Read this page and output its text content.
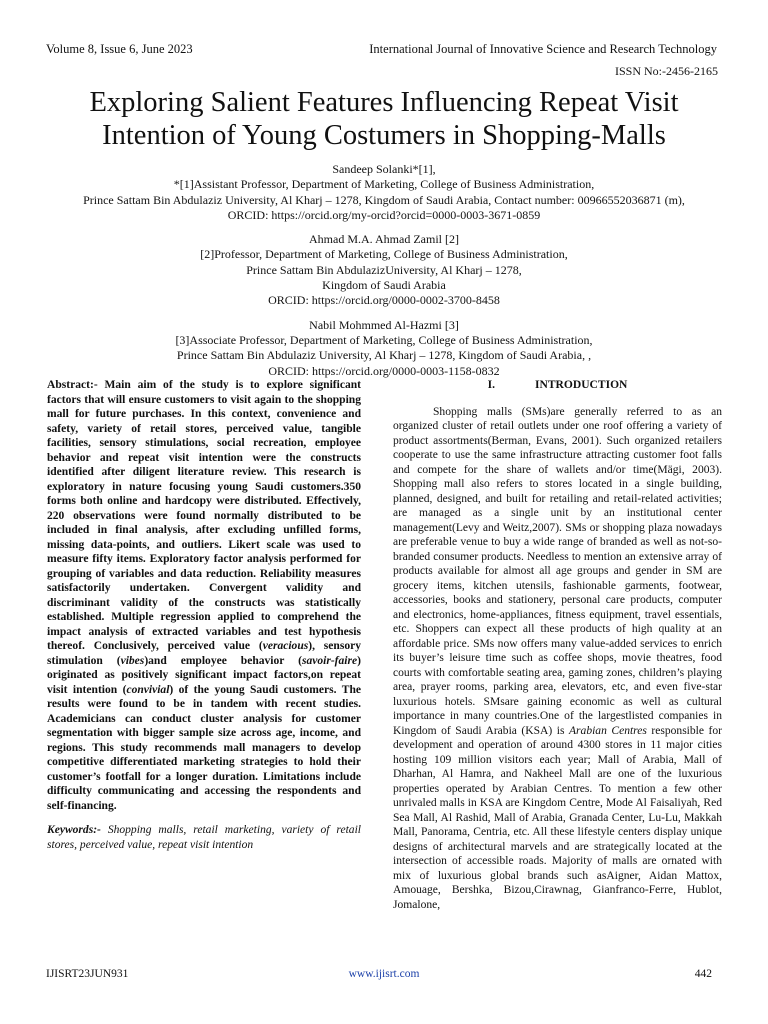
Volume 8, Issue 6, June 2023	International Journal of Innovative Science and Research Technology
ISSN No:-2456-2165
Exploring Salient Features Influencing Repeat Visit
Intention of Young Costumers in Shopping-Malls
Sandeep Solanki*[1],
*[1]Assistant Professor, Department of Marketing, College of Business Administration,
Prince Sattam Bin Abdulaziz University, Al Kharj – 1278, Kingdom of Saudi Arabia, Contact number: 00966552036871 (m),
ORCID: https://orcid.org/my-orcid?orcid=0000-0003-3671-0859
Ahmad M.A. Ahmad Zamil [2]
[2]Professor, Department of Marketing, College of Business Administration,
Prince Sattam Bin AbdulazizUniversity, Al Kharj – 1278,
Kingdom of Saudi Arabia
ORCID: https://orcid.org/0000-0002-3700-8458
Nabil Mohmmed Al-Hazmi [3]
[3]Associate Professor, Department of Marketing, College of Business Administration,
Prince Sattam Bin Abdulaziz University, Al Kharj – 1278, Kingdom of Saudi Arabia, ,
ORCID: https://orcid.org/0000-0003-1158-0832
Abstract:- Main aim of the study is to explore significant factors that will ensure customers to visit again to the shopping mall for future purchases. In this context, convenience and safety, variety of retail stores, perceived value, tangible facilities, sensory stimulations, social recreation, employee behavior and repeat visit intention were the constructs identified after diligent literature review. This research is exploratory in nature focusing young Saudi customers.350 forms both online and hardcopy were distributed. Effectively, 220 observations were found normally distributed to be included in final analysis, after excluding unfilled forms, missing data-points, and outliers. Likert scale was used to measure fifty items. Exploratory factor analysis performed for grouping of variables and data reduction. Reliability measures satisfactorily undertaken. Convergent validity and discriminant validity of the constructs was statistically established. Multiple regression applied to comprehend the impact analysis of extracted variables and test hypothesis thereof. Conclusively, perceived value (veracious), sensory stimulation (vibes)and employee behavior (savoir-faire) originated as positively significant impact factors,on repeat visit intention (convivial) of the young Saudi customers. The results were found to be in tandem with recent studies. Academicians can conduct cluster analysis for customer segmentation with bigger sample size across age, income, and regions. This study recommends mall managers to develop competitive differentiated marketing strategies to hold their customer’s footfall for a longer duration. Limitations include difficulty communicating and accessing the respondents and self-financing.
Keywords:- Shopping malls, retail marketing, variety of retail stores, perceived value, repeat visit intention
I.	INTRODUCTION
Shopping malls (SMs)are generally referred to as an organized cluster of retail outlets under one roof offering a variety of product assortments(Berman, Evans, 2001). Such organized retailers cooperate to use the same infrastructure attracting customer foot falls and compete for the share of wallets and/or time(Mägi, 2003). Shopping mall also refers to stores located in a single building, planned, designed, and built for retailing and retail-related activities; are managed as a single unit by an institutional center management(Levy and Weitz,2007). SMs or shopping plaza nowadays are preferable venue to buy a wide range of branded as well as not-so-branded consumer products. Needless to mention an extensive array of products available for almost all age groups and gender in SM are grocery items, kitchen utensils, fashionable garments, footwear, accessories, books and stationery, personal care products, computer and electronics, home-appliances, fitness equipment, travel essentials, etc. Shoppers can expect all these products of high quality at an affordable price. SMs now offers many value-added services to enrich its buyer’s leisure time such as coffee shops, movie theatres, food courts with comfortable seating area, gaming zones, children’s playing area, prayer rooms, parking area, elevators, etc, and even five-star luxurious hotels. SMsare gaining economic as well as cultural importance in many countries.One of the largestlisted companies in Kingdom of Saudi Arabia (KSA) is Arabian Centres responsible for development and operation of around 4300 stores in 11 major cities hosting 109 million visitors each year; Mall of Arabia, Mall of Dharhan, Al Hamra, and Nakheel Mall are one of the luxurious properties operated by Arabian Centres. To mention a few other unrivaled malls in KSA are Kingdom Centre, Mode Al Faisaliyah, Red Sea Mall, Al Rashid, Mall of Arabia, Granada Center, Lu-Lu, Makkah Mall, Panorama, Centria, etc. All these lifestyle centers display unique designs of architectural marvels and are strategically located at the intersection of accessible roads. Majority of malls are ornated with mix of luxurious global brands such asAigner, Aidan Mattox, Amouage, Bershka, Bizou,Cirawnag, Gianfranco-Ferre, Hublot, Jomalone,
IJISRT23JUN931	www.ijisrt.com	442
